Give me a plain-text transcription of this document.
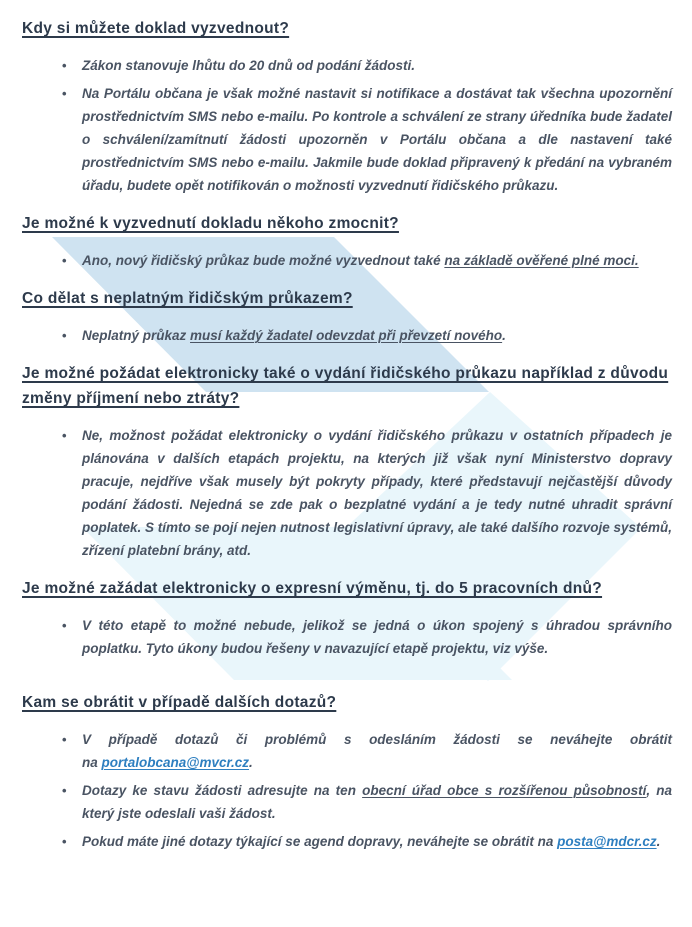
Kdy si můžete doklad vyzvednout?
• Zákon stanovuje lhůtu do 20 dnů od podání žádosti.
• Na Portálu občana je však možné nastavit si notifikace a dostávat tak všechna upozornění prostřednictvím SMS nebo e-mailu. Po kontrole a schválení ze strany úředníka bude žadatel o schválení/zamítnutí žádosti upozorněn v Portálu občana a dle nastavení také prostřednictvím SMS nebo e-mailu. Jakmile bude doklad připravený k předání na vybraném úřadu, budete opět notifikován o možnosti vyzvednutí řidičského průkazu.
Je možné k vyzvednutí dokladu někoho zmocnit?
• Ano, nový řidičský průkaz bude možné vyzvednout také na základě ověřené plné moci.
Co dělat s neplatným řidičským průkazem?
• Neplatný průkaz musí každý žadatel odevzdat při převzetí nového.
Je možné požádat elektronicky také o vydání řidičského průkazu například z důvodu změny příjmení nebo ztráty?
• Ne, možnost požádat elektronicky o vydání řidičského průkazu v ostatních případech je plánována v dalších etapách projektu, na kterých již však nyní Ministerstvo dopravy pracuje, nejdříve však musely být pokryty případy, které představují nejčastější důvody podání žádosti. Nejedná se zde pak o bezplatné vydání a je tedy nutné uhradit správní poplatek. S tímto se pojí nejen nutnost legislativní úpravy, ale také dalšího rozvoje systémů, zřízení platební brány, atd.
Je možné zažádat elektronicky o expresní výměnu, tj. do 5 pracovních dnů?
• V této etapě to možné nebude, jelikož se jedná o úkon spojený s úhradou správního poplatku. Tyto úkony budou řešeny v navazující etapě projektu, viz výše.
Kam se obrátit v případě dalších dotazů?
• V případě dotazů či problémů s odesláním žádosti se neváhejte obrátit na portalobcana@mvcr.cz.
• Dotazy ke stavu žádosti adresujte na ten obecní úřad obce s rozšířenou působností, na který jste odeslali vaši žádost.
• Pokud máte jiné dotazy týkající se agend dopravy, neváhejte se obrátit na posta@mdcr.cz.
